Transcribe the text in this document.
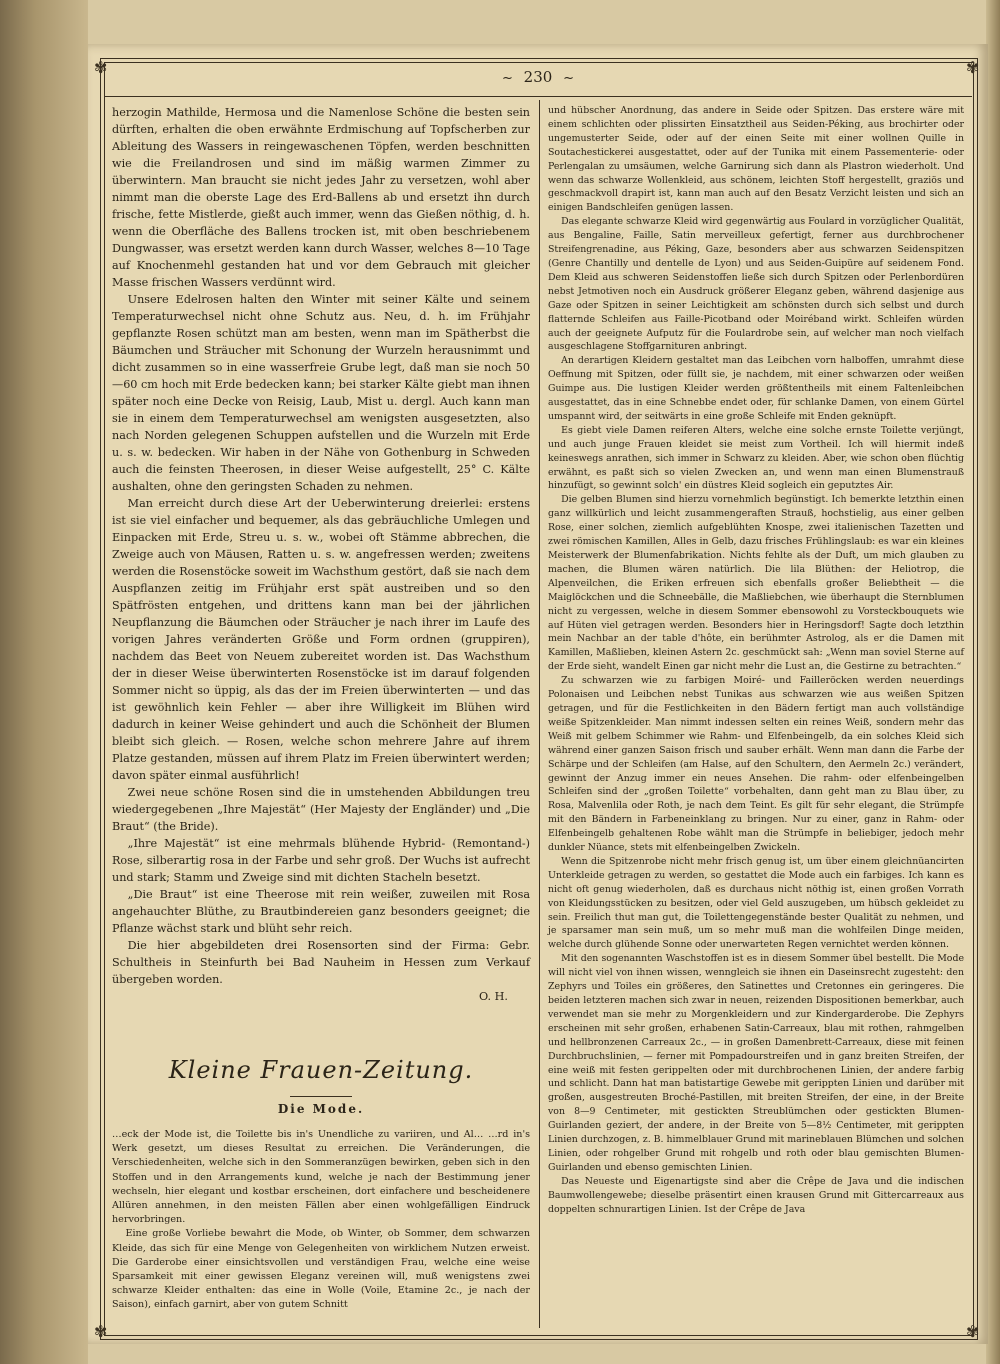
✾	✾
✾	✾
~ 230 ~

herzogin Mathilde, Hermosa und die Namenlose Schöne die besten sein dürften, erhalten die oben erwähnte Erdmischung auf Topfscherben zur Ableitung des Wassers in reingewaschenen Töpfen, werden beschnitten wie die Freilandrosen und sind im mäßig warmen Zimmer zu überwintern. Man braucht sie nicht jedes Jahr zu versetzen, wohl aber nimmt man die oberste Lage des Erd-Ballens ab und ersetzt ihn durch frische, fette Mistlerde, gießt auch immer, wenn das Gießen nöthig, d. h. wenn die Oberfläche des Ballens trocken ist, mit oben beschriebenem Dungwasser, was ersetzt werden kann durch Wasser, welches 8—10 Tage auf Knochenmehl gestanden hat und vor dem Gebrauch mit gleicher Masse frischen Wassers verdünnt wird.

Unsere Edelrosen halten den Winter mit seiner Kälte und seinem Temperaturwechsel nicht ohne Schutz aus. Neu, d. h. im Frühjahr gepflanzte Rosen schützt man am besten, wenn man im Spätherbst die Bäumchen und Sträucher mit Schonung der Wurzeln herausnimmt und dicht zusammen so in eine wasserfreie Grube legt, daß man sie noch 50—60 cm hoch mit Erde bedecken kann; bei starker Kälte giebt man ihnen später noch eine Decke von Reisig, Laub, Mist u. dergl. Auch kann man sie in einem dem Temperaturwechsel am wenigsten ausgesetzten, also nach Norden gelegenen Schuppen aufstellen und die Wurzeln mit Erde u. s. w. bedecken. Wir haben in der Nähe von Gothenburg in Schweden auch die feinsten Theerosen, in dieser Weise aufgestellt, 25° C. Kälte aushalten, ohne den geringsten Schaden zu nehmen.

Man erreicht durch diese Art der Ueberwinterung dreierlei: erstens ist sie viel einfacher und bequemer, als das gebräuchliche Umlegen und Einpacken mit Erde, Streu u. s. w., wobei oft Stämme abbrechen, die Zweige auch von Mäusen, Ratten u. s. w. angefressen werden; zweitens werden die Rosenstöcke soweit im Wachsthum gestört, daß sie nach dem Auspflanzen zeitig im Frühjahr erst spät austreiben und so den Spätfrösten entgehen, und drittens kann man bei der jährlichen Neupflanzung die Bäumchen oder Sträucher je nach ihrer im Laufe des vorigen Jahres veränderten Größe und Form ordnen (gruppiren), nachdem das Beet von Neuem zubereitet worden ist. Das Wachsthum der in dieser Weise überwinterten Rosenstöcke ist im darauf folgenden Sommer nicht so üppig, als das der im Freien überwinterten — und das ist gewöhnlich kein Fehler — aber ihre Willigkeit im Blühen wird dadurch in keiner Weise gehindert und auch die Schönheit der Blumen bleibt sich gleich. — Rosen, welche schon mehrere Jahre auf ihrem Platze gestanden, müssen auf ihrem Platz im Freien überwintert werden; davon später einmal ausführlich!

Zwei neue schöne Rosen sind die in umstehenden Abbildungen treu wiedergegebenen „Ihre Majestät“ (Her Majesty der Engländer) und „Die Braut“ (the Bride).

„Ihre Majestät“ ist eine mehrmals blühende Hybrid- (Remontand-) Rose, silberartig rosa in der Farbe und sehr groß. Der Wuchs ist aufrecht und stark; Stamm und Zweige sind mit dichten Stacheln besetzt.

„Die Braut“ ist eine Theerose mit rein weißer, zuweilen mit Rosa angehauchter Blüthe, zu Brautbindereien ganz besonders geeignet; die Pflanze wächst stark und blüht sehr reich.

Die hier abgebildeten drei Rosensorten sind der Firma: Gebr. Schultheis in Steinfurth bei Bad Nauheim in Hessen zum Verkauf übergeben worden.

O. H.
Kleine Frauen-Zeitung.
Die Mode.

…eck der Mode ist, die Toilette bis in's Unendliche zu variiren, und Al… …rd in's Werk gesetzt, um dieses Resultat zu erreichen. Die Veränderungen, die Verschiedenheiten, welche sich in den Sommeranzügen bewirken, geben sich in den Stoffen und in den Arrangements kund, welche je nach der Bestimmung jener wechseln, hier elegant und kostbar erscheinen, dort einfachere und bescheidenere Allüren annehmen, in den meisten Fällen aber einen wohlgefälligen Eindruck hervorbringen.

Eine große Vorliebe bewahrt die Mode, ob Winter, ob Sommer, dem schwarzen Kleide, das sich für eine Menge von Gelegenheiten von wirklichem Nutzen erweist. Die Garderobe einer einsichtsvollen und verständigen Frau, welche eine weise Sparsamkeit mit einer gewissen Eleganz vereinen will, muß wenigstens zwei schwarze Kleider enthalten: das eine in Wolle (Voile, Etamine 2c., je nach der Saison), einfach garnirt, aber von gutem Schnitt

und hübscher Anordnung, das andere in Seide oder Spitzen. Das erstere wäre mit einem schlichten oder plissirten Einsatztheil aus Seiden-Péking, aus brochirter oder ungemusterter Seide, oder auf der einen Seite mit einer wollnen Quille in Soutachestickerei ausgestattet, oder auf der Tunika mit einem Passementerie- oder Perlengalan zu umsäumen, welche Garnirung sich dann als Plastron wiederholt. Und wenn das schwarze Wollenkleid, aus schönem, leichten Stoff hergestellt, graziös und geschmackvoll drapirt ist, kann man auch auf den Besatz Verzicht leisten und sich an einigen Bandschleifen genügen lassen.

Das elegante schwarze Kleid wird gegenwärtig aus Foulard in vorzüglicher Qualität, aus Bengaline, Faille, Satin merveilleux gefertigt, ferner aus durchbrochener Streifengrenadine, aus Péking, Gaze, besonders aber aus schwarzen Seidenspitzen (Genre Chantilly und dentelle de Lyon) und aus Seiden-Guipüre auf seidenem Fond. Dem Kleid aus schweren Seidenstoffen ließe sich durch Spitzen oder Perlenbordüren nebst Jetmotiven noch ein Ausdruck größerer Eleganz geben, während dasjenige aus Gaze oder Spitzen in seiner Leichtigkeit am schönsten durch sich selbst und durch flatternde Schleifen aus Faille-Picotband oder Moiréband wirkt. Schleifen würden auch der geeignete Aufputz für die Foulardrobe sein, auf welcher man noch vielfach ausgeschlagene Stoffgarnituren anbringt.

An derartigen Kleidern gestaltet man das Leibchen vorn halboffen, umrahmt diese Oeffnung mit Spitzen, oder füllt sie, je nachdem, mit einer schwarzen oder weißen Guimpe aus. Die lustigen Kleider werden größtentheils mit einem Faltenleibchen ausgestattet, das in eine Schnebbe endet oder, für schlanke Damen, von einem Gürtel umspannt wird, der seitwärts in eine große Schleife mit Enden geknüpft.

Es giebt viele Damen reiferen Alters, welche eine solche ernste Toilette verjüngt, und auch junge Frauen kleidet sie meist zum Vortheil. Ich will hiermit indeß keineswegs anrathen, sich immer in Schwarz zu kleiden. Aber, wie schon oben flüchtig erwähnt, es paßt sich so vielen Zwecken an, und wenn man einen Blumenstrauß hinzufügt, so gewinnt solch' ein düstres Kleid sogleich ein geputztes Air.

Die gelben Blumen sind hierzu vornehmlich begünstigt. Ich bemerkte letzthin einen ganz willkürlich und leicht zusammengeraften Strauß, hochstielig, aus einer gelben Rose, einer solchen, ziemlich aufgeblühten Knospe, zwei italienischen Tazetten und zwei römischen Kamillen, Alles in Gelb, dazu frisches Frühlingslaub: es war ein kleines Meisterwerk der Blumenfabrikation. Nichts fehlte als der Duft, um mich glauben zu machen, die Blumen wären natürlich. Die lila Blüthen: der Heliotrop, die Alpenveilchen, die Eriken erfreuen sich ebenfalls großer Beliebtheit — die Maiglöckchen und die Schneebälle, die Maßliebchen, wie überhaupt die Sternblumen nicht zu vergessen, welche in diesem Sommer ebensowohl zu Vorsteckbouquets wie auf Hüten viel getragen werden. Besonders hier in Heringsdorf! Sagte doch letzthin mein Nachbar an der table d'hôte, ein berühmter Astrolog, als er die Damen mit Kamillen, Maßlieben, kleinen Astern 2c. geschmückt sah: „Wenn man soviel Sterne auf der Erde sieht, wandelt Einen gar nicht mehr die Lust an, die Gestirne zu betrachten.“

Zu schwarzen wie zu farbigen Moiré- und Failleröcken werden neuerdings Polonaisen und Leibchen nebst Tunikas aus schwarzen wie aus weißen Spitzen getragen, und für die Festlichkeiten in den Bädern fertigt man auch vollständige weiße Spitzenkleider. Man nimmt indessen selten ein reines Weiß, sondern mehr das Weiß mit gelbem Schimmer wie Rahm- und Elfenbeingelb, da ein solches Kleid sich während einer ganzen Saison frisch und sauber erhält. Wenn man dann die Farbe der Schärpe und der Schleifen (am Halse, auf den Schultern, den Aermeln 2c.) verändert, gewinnt der Anzug immer ein neues Ansehen. Die rahm- oder elfenbeingelben Schleifen sind der „großen Toilette“ vorbehalten, dann geht man zu Blau über, zu Rosa, Malvenlila oder Roth, je nach dem Teint. Es gilt für sehr elegant, die Strümpfe mit den Bändern in Farbeneinklang zu bringen. Nur zu einer, ganz in Rahm- oder Elfenbeingelb gehaltenen Robe wählt man die Strümpfe in beliebiger, jedoch mehr dunkler Nüance, stets mit elfenbeingelben Zwickeln.

Wenn die Spitzenrobe nicht mehr frisch genug ist, um über einem gleichnüancirten Unterkleide getragen zu werden, so gestattet die Mode auch ein farbiges. Ich kann es nicht oft genug wiederholen, daß es durchaus nicht nöthig ist, einen großen Vorrath von Kleidungsstücken zu besitzen, oder viel Geld auszugeben, um hübsch gekleidet zu sein. Freilich thut man gut, die Toilettengegenstände bester Qualität zu nehmen, und je sparsamer man sein muß, um so mehr muß man die wohlfeilen Dinge meiden, welche durch glühende Sonne oder unerwarteten Regen vernichtet werden können.

Mit den sogenannten Waschstoffen ist es in diesem Sommer übel bestellt. Die Mode will nicht viel von ihnen wissen, wenngleich sie ihnen ein Daseinsrecht zugesteht: den Zephyrs und Toiles ein größeres, den Satinettes und Cretonnes ein geringeres. Die beiden letzteren machen sich zwar in neuen, reizenden Dispositionen bemerkbar, auch verwendet man sie mehr zu Morgenkleidern und zur Kindergarderobe. Die Zephyrs erscheinen mit sehr großen, erhabenen Satin-Carreaux, blau mit rothen, rahmgelben und hellbronzenen Carreaux 2c., — in großen Damenbrett-Carreaux, diese mit feinen Durchbruchslinien, — ferner mit Pompadourstreifen und in ganz breiten Streifen, der eine weiß mit festen gerippelten oder mit durchbrochenen Linien, der andere farbig und schlicht. Dann hat man batistartige Gewebe mit gerippten Linien und darüber mit großen, ausgestreuten Broché-Pastillen, mit breiten Streifen, der eine, in der Breite von 8—9 Centimeter, mit gestickten Streublümchen oder gestickten Blumen-Guirlanden geziert, der andere, in der Breite von 5—8½ Centimeter, mit gerippten Linien durchzogen, z. B. himmelblauer Grund mit marineblauen Blümchen und solchen Linien, oder rohgelber Grund mit rohgelb und roth oder blau gemischten Blumen-Guirlanden und ebenso gemischten Linien.

Das Neueste und Eigenartigste sind aber die Crêpe de Java und die indischen Baumwollengewebe; dieselbe präsentirt einen krausen Grund mit Gittercarreaux aus doppelten schnurartigen Linien. Ist der Crêpe de Java
